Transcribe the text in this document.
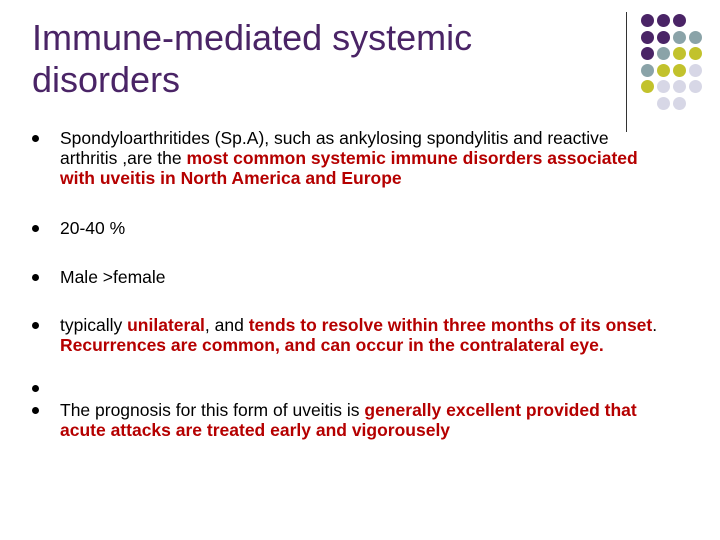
Immune-mediated systemic disorders
Spondyloarthritides (Sp.A), such as ankylosing spondylitis and reactive arthritis ,are the most common systemic immune disorders associated with uveitis in North America and Europe
20-40 %
Male >female
typically unilateral, and tends to resolve within three months of its onset. Recurrences are common, and can occur in the contralateral eye.
The prognosis for this form of uveitis is generally excellent provided that acute attacks are treated early and vigorousely
